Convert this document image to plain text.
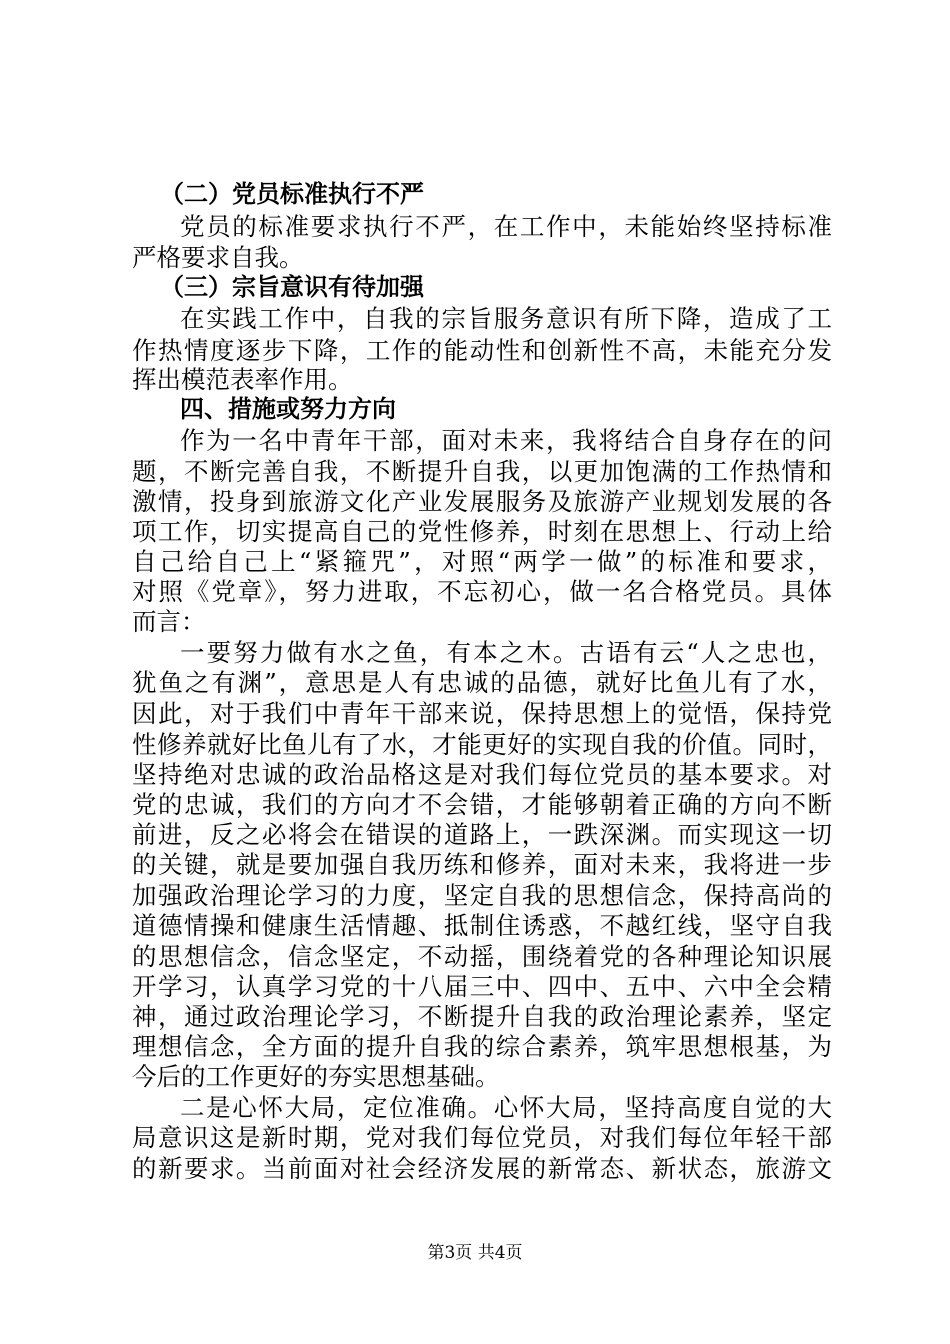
（二）党员标准执行不严
党员的标准要求执行不严，在工作中，未能始终坚持标准
严格要求自我。
（三）宗旨意识有待加强
在实践工作中，自我的宗旨服务意识有所下降，造成了工
作热情度逐步下降，工作的能动性和创新性不高，未能充分发
挥出模范表率作用。
四、措施或努力方向
作为一名中青年干部，面对未来，我将结合自身存在的问
题，不断完善自我，不断提升自我，以更加饱满的工作热情和
激情，投身到旅游文化产业发展服务及旅游产业规划发展的各
项工作，切实提高自己的党性修养，时刻在思想上、行动上给
自己给自己上“紧箍咒”，对照“两学一做”的标准和要求，
对照《党章》，努力进取，不忘初心，做一名合格党员。具体
而言：
一要努力做有水之鱼，有本之木。古语有云“人之忠也，
犹鱼之有渊”，意思是人有忠诚的品德，就好比鱼儿有了水，
因此，对于我们中青年干部来说，保持思想上的觉悟，保持党
性修养就好比鱼儿有了水，才能更好的实现自我的价值。同时，
坚持绝对忠诚的政治品格这是对我们每位党员的基本要求。对
党的忠诚，我们的方向才不会错，才能够朝着正确的方向不断
前进，反之必将会在错误的道路上，一跌深渊。而实现这一切
的关键，就是要加强自我历练和修养，面对未来，我将进一步
加强政治理论学习的力度，坚定自我的思想信念，保持高尚的
道德情操和健康生活情趣、抵制住诱惑，不越红线，坚守自我
的思想信念，信念坚定，不动摇，围绕着党的各种理论知识展
开学习，认真学习党的十八届三中、四中、五中、六中全会精
神，通过政治理论学习，不断提升自我的政治理论素养，坚定
理想信念，全方面的提升自我的综合素养，筑牢思想根基，为
今后的工作更好的夯实思想基础。
二是心怀大局，定位准确。心怀大局，坚持高度自觉的大
局意识这是新时期，党对我们每位党员，对我们每位年轻干部
的新要求。当前面对社会经济发展的新常态、新状态，旅游文
第3页 共4页
